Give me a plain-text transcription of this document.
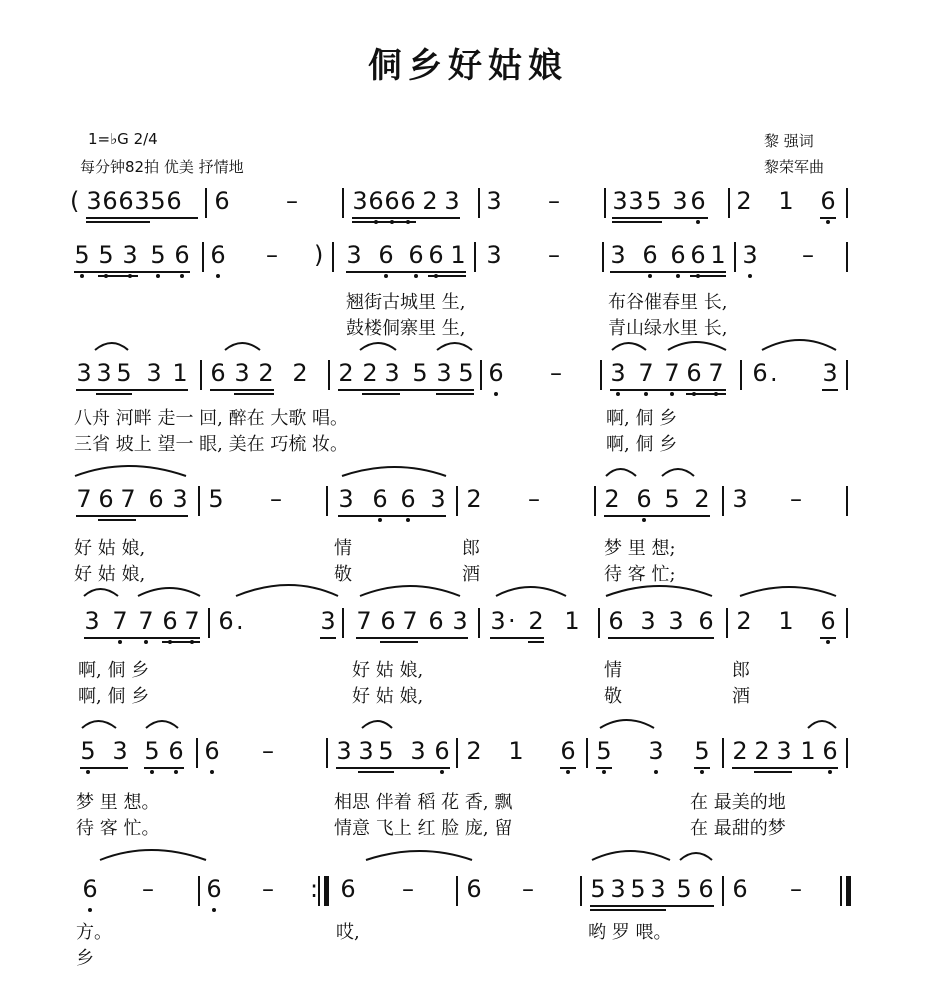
侗乡好姑娘
1=♭G 2/4
每分钟82拍 优美 抒情地
黎 强词
黎荣军曲
( 3 6 6 3 5 6 6 – 3 6 6 6 2 3 3 – 3 3 5 3 6 2 1 6
5 5 3 5 6 6 – ) 3 6 6 6 1 3 – 3 6 6 6 1 3 –
翘街古城里 生,	布谷催春里 长,
鼓楼侗寨里 生,	青山绿水里 长,
3 3 5 3 1 6 3 2 2 2 2 3 5 3 5 6 – 3 7 7 6 7 6 . 3
八舟 河畔 走一 回, 醉在 大歌 唱。	啊, 侗 乡
三省 坡上 望一 眼, 美在 巧梳 妆。	啊, 侗 乡
7 6 7 6 3 5 – 3 6 6 3 2 –	2 6 5 2 3 –
好 姑 娘,	情	郎	梦 里 想;
好 姑 娘,	敬	酒	待 客 忙;
3 7 7 6 7 6 .	3 7 6 7 6 3 3 · 2 1 6 3 3 6 2 1 6
啊, 侗 乡	好 姑 娘,	情	郎
啊, 侗 乡	好 姑 娘,	敬	酒
5 3 5 6 6 –	3 3 5 3 6 2 1 6 5 3 5 2 2 3 1 6
梦 里 想。	相思 伴着 稻 花 香, 飘	在 最美的地
待 客 忙。	情意 飞上 红 脸 庞, 留	在 最甜的梦
6 – 6 – : 6 – 6 – 5 3 5 3 5 6 6 –
方。	哎,	哟 罗 喂。
乡
